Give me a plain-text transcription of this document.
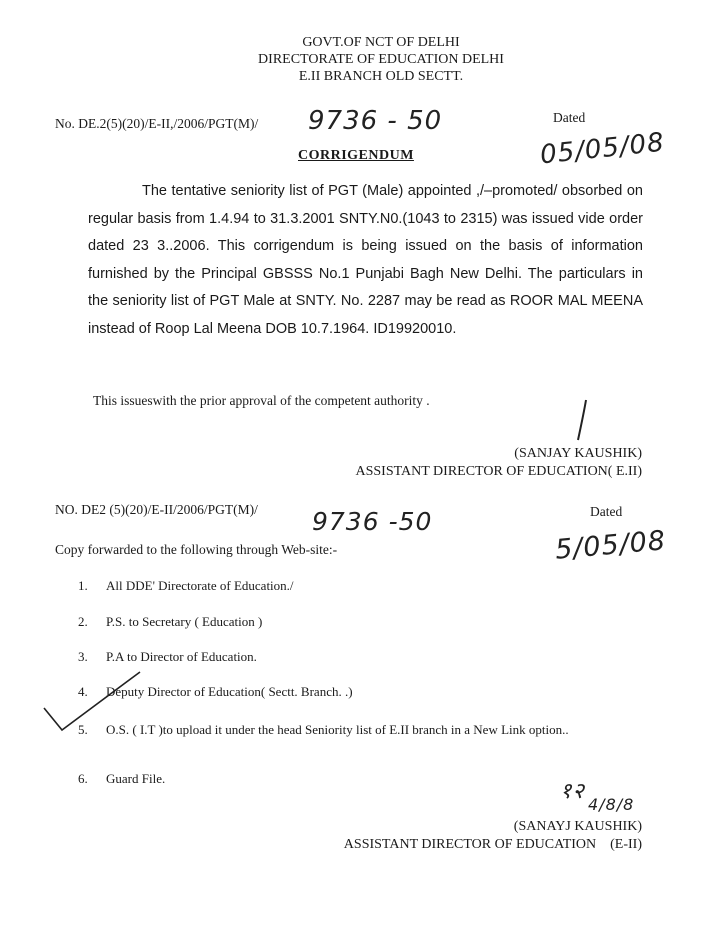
GOVT.OF NCT OF DELHI
DIRECTORATE OF EDUCATION DELHI
E.II BRANCH OLD SECTT.
No. DE.2(5)(20)/E-II,/2006/PGT(M)/ 9736 - 50	Dated
05/05/08
CORRIGENDUM
The tentative seniority list of PGT (Male) appointed ,/–promoted/ obsorbed on regular basis from 1.4.94 to 31.3.2001 SNTY.N0.(1043 to 2315) was issued vide order dated 23 3..2006. This corrigendum is being issued on the basis of information furnished by the Principal GBSSS No.1 Punjabi Bagh New Delhi. The particulars in the seniority list of PGT Male at SNTY. No. 2287 may be read as ROOR MAL MEENA instead of Roop Lal Meena DOB 10.7.1964. ID19920010.
This issueswith the prior approval of the competent authority .
(SANJAY KAUSHIK)
ASSISTANT DIRECTOR OF EDUCATION( E.II)
NO. DE2 (5)(20)/E-II/2006/PGT(M)/ 9736 -50	Dated
5/05/08
Copy forwarded to the following through Web-site:-
1. All DDE' Directorate of Education./
2. P.S. to Secretary ( Education )
3. P.A to Director of Education.
4. Deputy Director of Education( Sectt. Branch. .)
5. O.S. ( I.T )to upload it under the head Seniority list of E.II branch in a New Link option..
6. Guard File.
१२
4/8/8
(SANAYJ KAUSHIK)
ASSISTANT DIRECTOR OF EDUCATION    (E-II)
